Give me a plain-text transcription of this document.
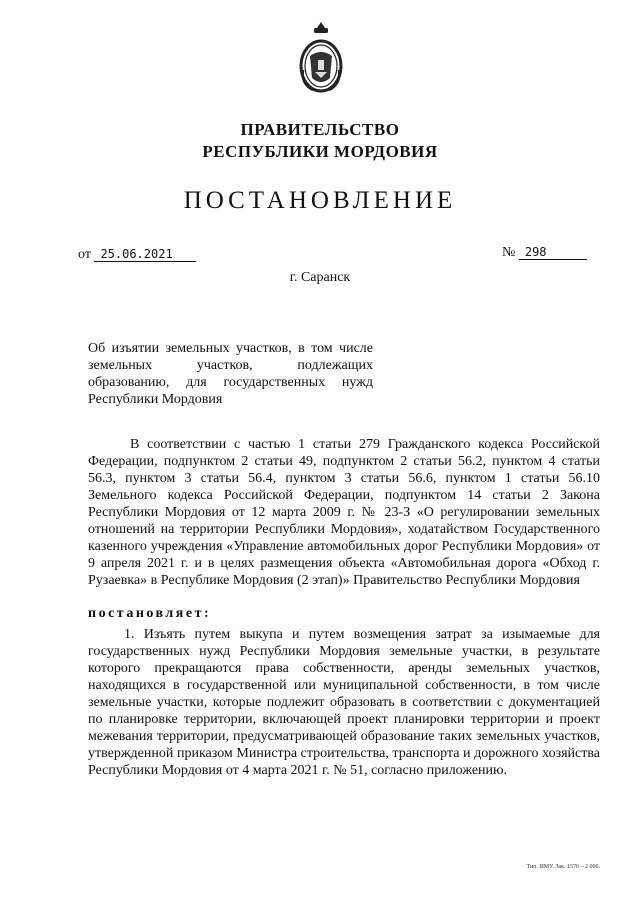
ПРАВИТЕЛЬСТВО
РЕСПУБЛИКИ МОРДОВИЯ
ПОСТАНОВЛЕНИЕ
от 25.06.2021	№ 298
г. Саранск
Об изъятии земельных участков, в том числе земельных участков, подлежащих образованию, для государственных нужд Республики Мордовия
В соответствии с частью 1 статьи 279 Гражданского кодекса Российской Федерации, подпунктом 2 статьи 49, подпунктом 2 статьи 56.2, пунктом 4 статьи 56.3, пунктом 3 статьи 56.4, пунктом 3 статьи 56.6, пунктом 1 статьи 56.10 Земельного кодекса Российской Федерации, подпунктом 14 статьи 2 Закона Республики Мордовия от 12 марта 2009 г. № 23-З «О регулировании земельных отношений на территории Республики Мордовия», ходатайством Государственного казенного учреждения «Управление автомобильных дорог Республики Мордовия» от 9 апреля 2021 г. и в целях размещения объекта «Автомобильная дорога «Обход г. Рузаевка» в Республике Мордовия (2 этап)» Правительство Республики Мордовия
постановляет:
1. Изъять путем выкупа и путем возмещения затрат за изымаемые для государственных нужд Республики Мордовия земельные участки, в результате которого прекращаются права собственности, аренды земельных участков, находящихся в государственной или муниципальной собственности, в том числе земельные участки, которые подлежит образовать в соответствии с документацией по планировке территории, включающей проект планировки территории и проект межевания территории, предусматривающей образование таких земельных участков, утвержденной приказом Министра строительства, транспорта и дорожного хозяйства Республики Мордовия от 4 марта 2021 г. № 51, согласно приложению.
Тип. ИМУ. Зак. 1576 – 2 000.
